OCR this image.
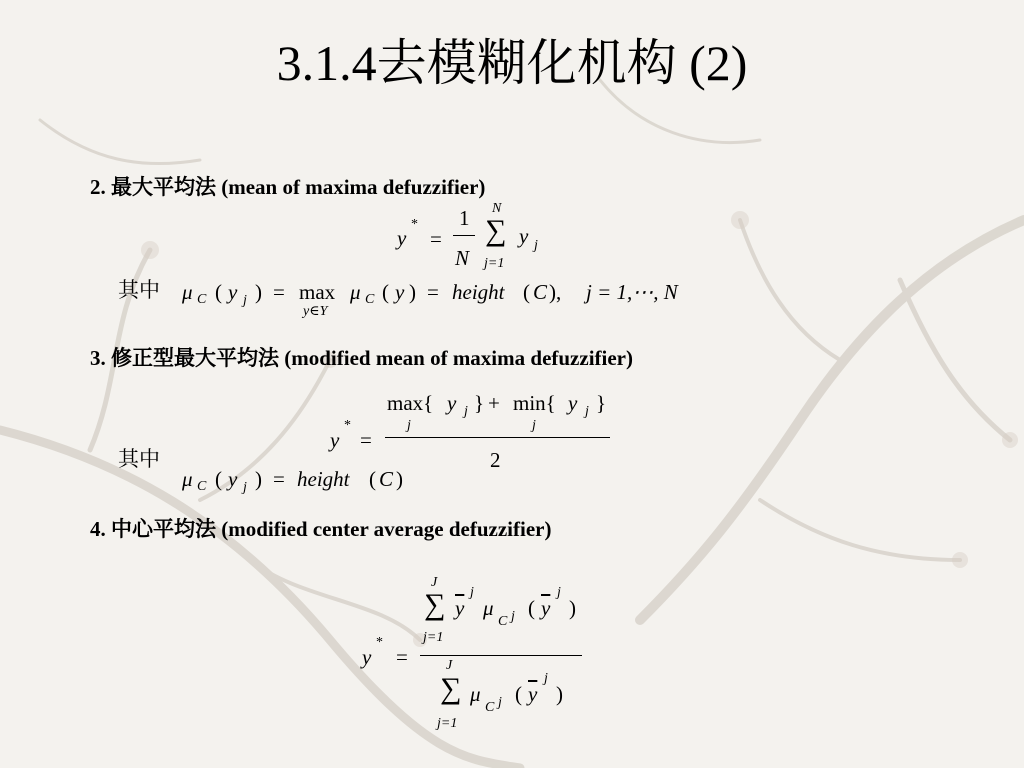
3.1.4去模糊化机构 (2)
2. 最大平均法 (mean of maxima defuzzifier)
y
*
=
1
N
N
∑
j=1
y j
其中 μ C ( y j ) = max
y∈Y
μ C ( y ) = height ( C ), j = 1,⋯, N
3. 修正型最大平均法 (modified mean of maxima defuzzifier)
max{ y j }
j
+ min{ y j }
j
y
*
=
2
其中
μ C ( y j ) = height ( C )
4. 中心平均法 (modified center average defuzzifier)
J
∑
j=1
$\overline{y}$
j
μ
C j ( $\overline{y}$
j
)
y
*
=	J
∑
j=1
μ
C j ( $\overline{y}$
j
)
